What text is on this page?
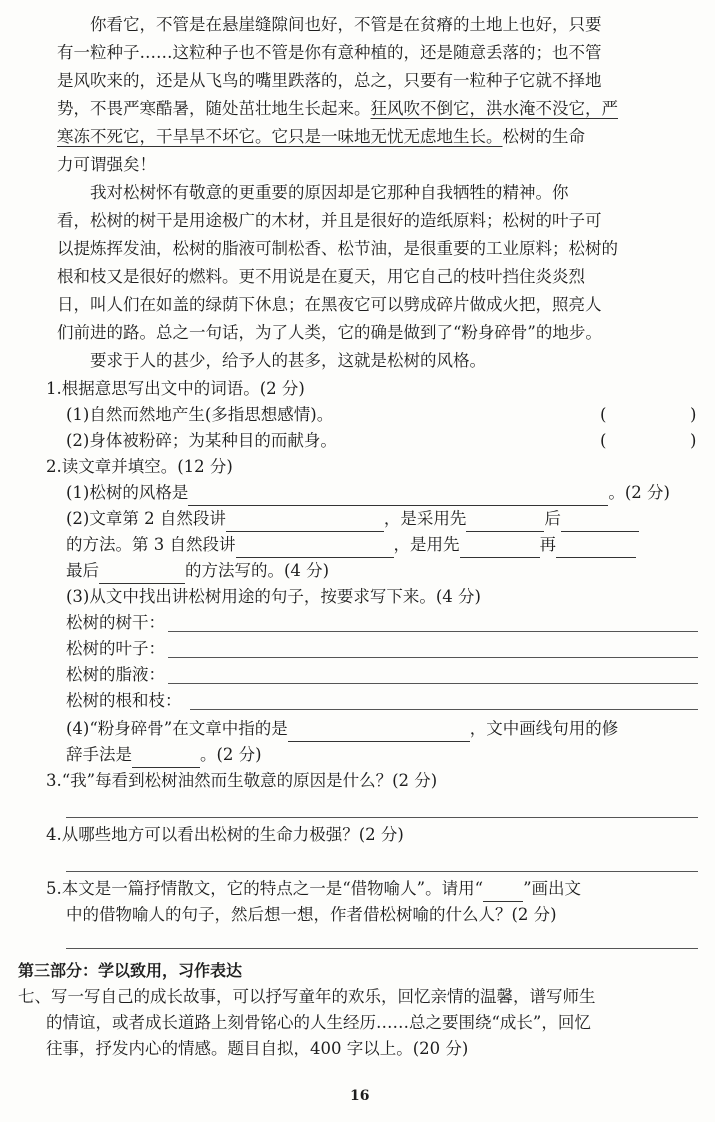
你看它，不管是在悬崖缝隙间也好，不管是在贫瘠的土地上也好，只要
有一粒种子……这粒种子也不管是你有意种植的，还是随意丢落的；也不管
是风吹来的，还是从飞鸟的嘴里跌落的，总之，只要有一粒种子它就不择地
势，不畏严寒酷暑，随处茁壮地生长起来。狂风吹不倒它，洪水淹不没它，严
寒冻不死它，干旱旱不坏它。它只是一味地无忧无虑地生长。松树的生命
力可谓强矣！
我对松树怀有敬意的更重要的原因却是它那种自我牺牲的精神。你
看，松树的树干是用途极广的木材，并且是很好的造纸原料；松树的叶子可
以提炼挥发油，松树的脂液可制松香、松节油，是很重要的工业原料；松树的
根和枝又是很好的燃料。更不用说是在夏天，用它自己的枝叶挡住炎炎烈
日，叫人们在如盖的绿荫下休息；在黑夜它可以劈成碎片做成火把，照亮人
们前进的路。总之一句话，为了人类，它的确是做到了“粉身碎骨”的地步。
要求于人的甚少，给予人的甚多，这就是松树的风格。
1.根据意思写出文中的词语。(2 分)
(1)自然而然地产生(多指思想感情)。	(	)
(2)身体被粉碎；为某种目的而献身。	(	)
2.读文章并填空。(12 分)
(1)松树的风格是	。(2 分)
(2)文章第 2 自然段讲	，是采用先	后
的方法。第 3 自然段讲	，是用先	再
最后	的方法写的。(4 分)
(3)从文中找出讲松树用途的句子，按要求写下来。(4 分)
松树的树干：
松树的叶子：
松树的脂液：
松树的根和枝：
(4)“粉身碎骨”在文章中指的是	，文中画线句用的修
辞手法是	。(2 分)
3.“我”每看到松树油然而生敬意的原因是什么？(2 分)
4.从哪些地方可以看出松树的生命力极强？(2 分)
5.本文是一篇抒情散文，它的特点之一是“借物喻人”。请用“ ”画出文
中的借物喻人的句子，然后想一想，作者借松树喻的什么人？(2 分)
第三部分：学以致用，习作表达
七、写一写自己的成长故事，可以抒写童年的欢乐，回忆亲情的温馨，谱写师生
的情谊，或者成长道路上刻骨铭心的人生经历……总之要围绕“成长”，回忆
往事，抒发内心的情感。题目自拟，400 字以上。(20 分)
16
